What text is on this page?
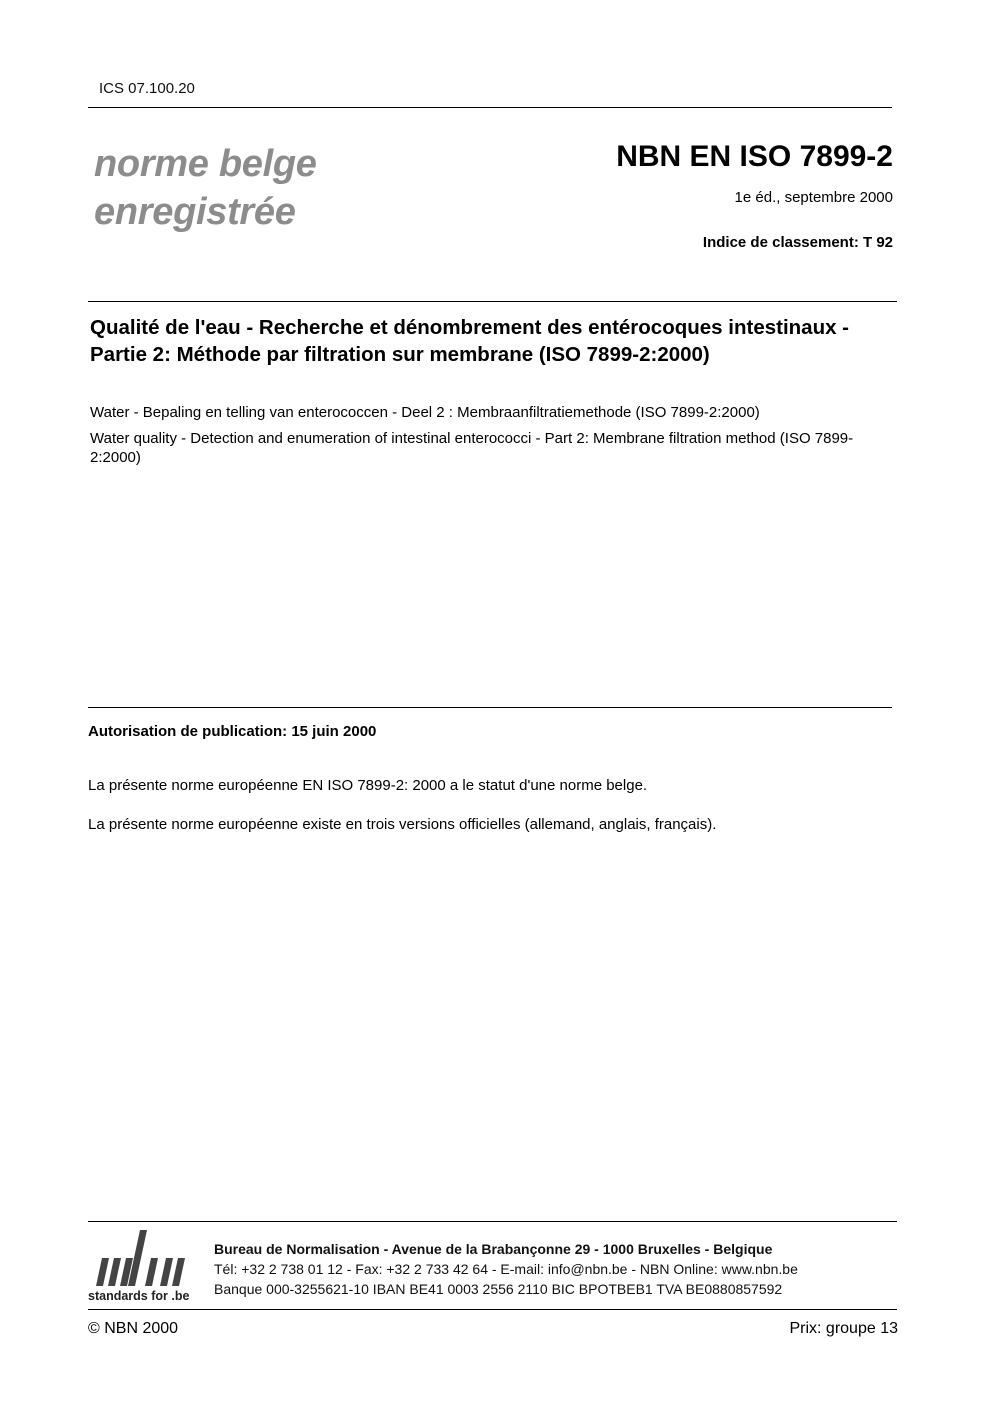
ICS 07.100.20
norme belge
enregistrée
NBN EN ISO 7899-2
1e éd., septembre 2000
Indice de classement: T 92
Qualité de l'eau - Recherche et dénombrement des entérocoques intestinaux - Partie 2: Méthode par filtration sur membrane (ISO 7899-2:2000)
Water - Bepaling en telling van enterococcen - Deel 2 : Membraanfiltratiemethode (ISO 7899-2:2000)
Water quality - Detection and enumeration of intestinal enterococci - Part 2: Membrane filtration method (ISO 7899-2:2000)
Autorisation de publication: 15 juin 2000
La présente norme européenne EN ISO 7899-2: 2000 a le statut d'une norme belge.
La présente norme européenne existe en trois versions officielles (allemand, anglais, français).
standards for .be
Bureau de Normalisation - Avenue de la Brabançonne 29 - 1000 Bruxelles - Belgique
Tél: +32 2 738 01 12 - Fax: +32 2 733 42 64 - E-mail: info@nbn.be - NBN Online: www.nbn.be
Banque 000-3255621-10 IBAN BE41 0003 2556 2110 BIC BPOTBEB1 TVA BE0880857592
© NBN 2000	Prix: groupe 13
